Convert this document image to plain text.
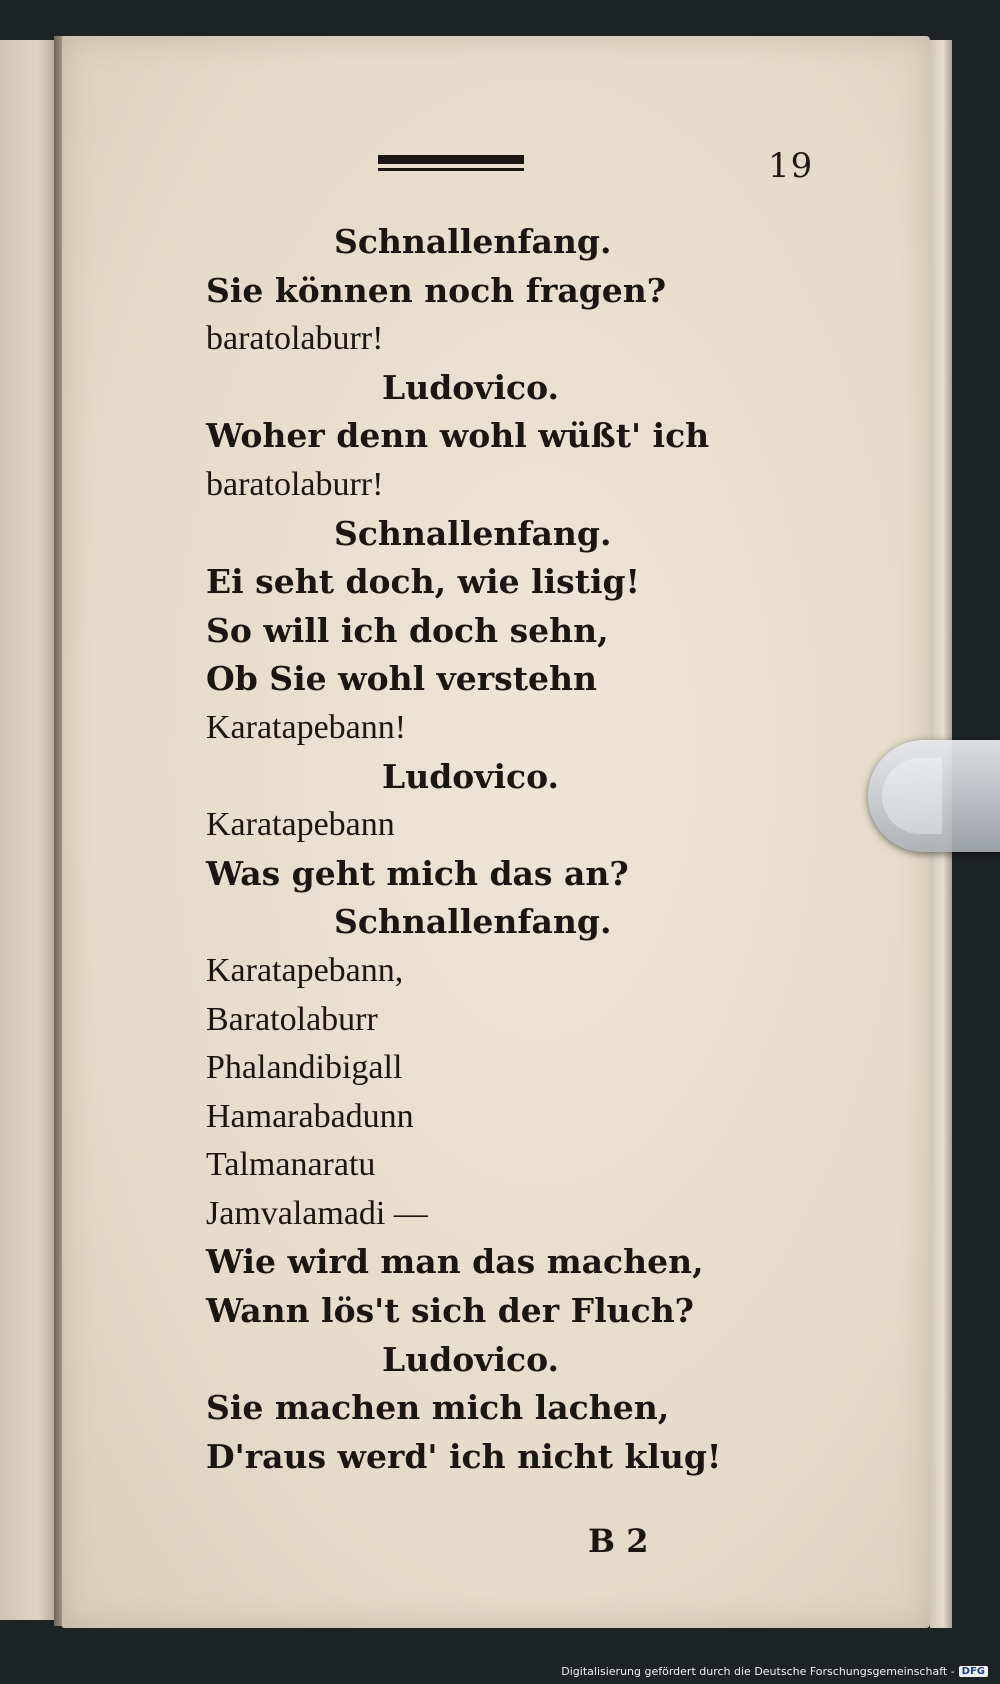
19
Schnallenfang.
Sie können noch fragen?
baratolaburr!
Ludovico.
Woher denn wohl wüßt' ich
baratolaburr!
Schnallenfang.
Ei seht doch, wie listig!
So will ich doch sehn,
Ob Sie wohl verstehn
Karatapebann!
Ludovico.
Karatapebann
Was geht mich das an?
Schnallenfang.
Karatapebann,
Baratolaburr
Phalandibigall
Hamarabadunn
Talmanaratu
Jamvalamadi —
Wie wird man das machen,
Wann lös't sich der Fluch?
Ludovico.
Sie machen mich lachen,
D'raus werd' ich nicht klug!
B 2
Digitalisierung gefördert durch die Deutsche Forschungsgemeinschaft - DFG
